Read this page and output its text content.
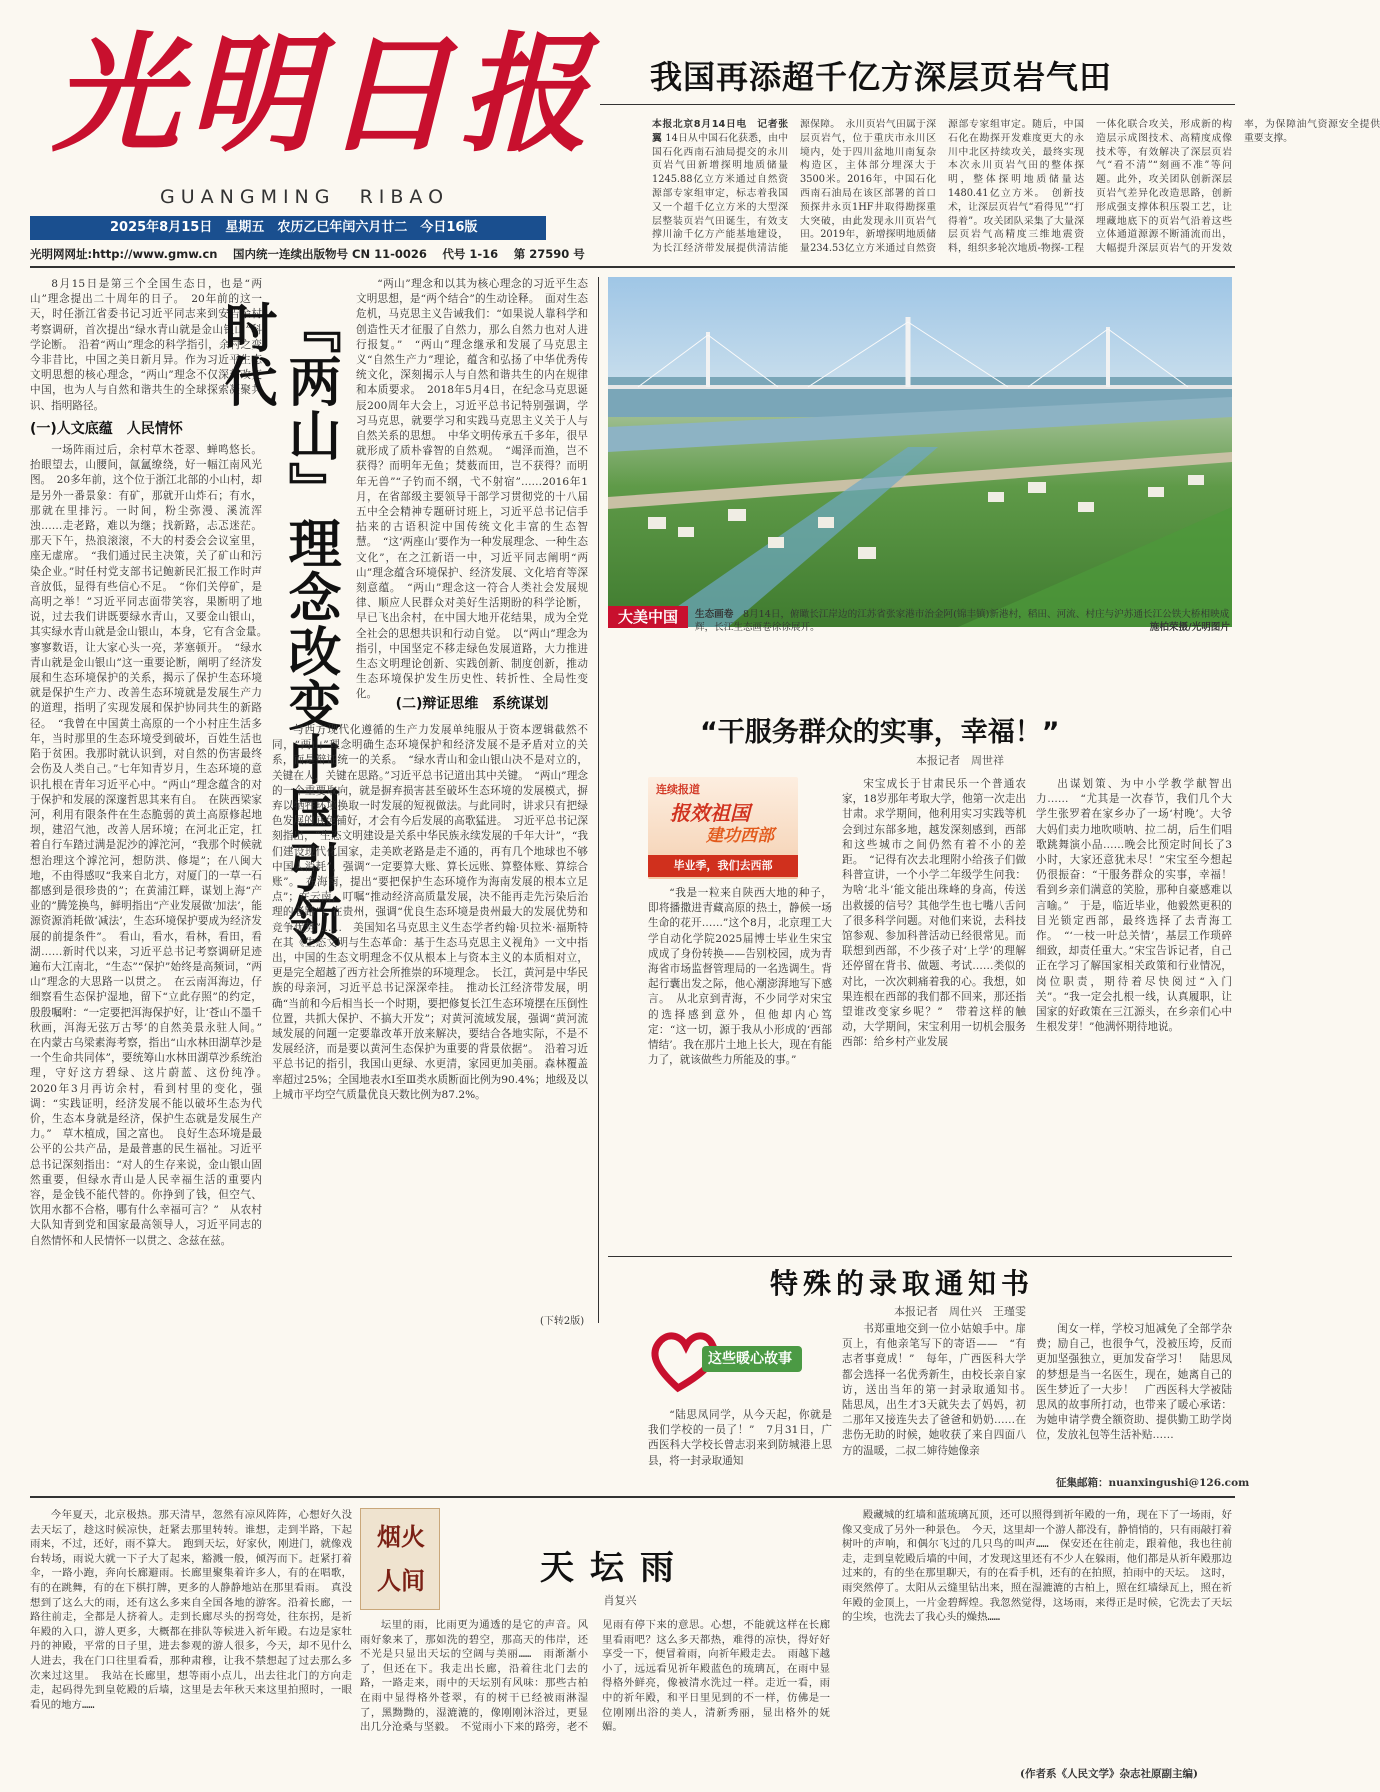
光明日报
GUANGMING  RIBAO
2025年8月15日　星期五　农历乙巳年闰六月廿二　今日16版
光明网网址:http://www.gmw.cn　 国内统一连续出版物号 CN 11-0026　 代号 1-16　 第 27590 号
我国再添超千亿方深层页岩气田
本报北京8月14日电　记者张翼 14日从中国石化获悉，由中国石化西南石油局提交的永川页岩气田新增探明地质储量1245.88亿立方米通过自然资源部专家组审定，标志着我国又一个超千亿立方米的大型深层整装页岩气田诞生，有效支撑川渝千亿方产能基地建设，为长江经济带发展提供清洁能源保障。　永川页岩气田属于深层页岩气，位于重庆市永川区境内，处于四川盆地川南复杂构造区，主体部分埋深大于3500米。2016年，中国石化西南石油局在该区部署的首口预探井永页1HF井取得勘探重大突破，由此发现永川页岩气田。2019年，新增探明地质储量234.53亿立方米通过自然资源部专家组审定。随后，中国石化在勘探开发难度更大的永川中北区持续攻关，最终实现本次永川页岩气田的整体探明，整体探明地质储量达1480.41亿立方米。　创新技术，让深层页岩气“看得见”“打得着”。攻关团队采集了大量深层页岩气高精度三维地震资料，组织多轮次地质-物探-工程一体化联合攻关，形成新的构造层示成图技术、高精度成像技术等，有效解决了深层页岩气“看不清”“刻画不准”等问题。此外，攻关团队创新深层页岩气差异化改造思路，创新形成强支撑体积压裂工艺，让埋藏地底下的页岩气沿着这些立体通道源源不断涌流而出，大幅提升深层页岩气的开发效率，为保障油气资源安全提供重要支撑。

8月15日是第三个全国生态日，也是“两山”理念提出二十周年的日子。　20年前的这一天，时任浙江省委书记习近平同志来到安吉余村考察调研，首次提出“绿水青山就是金山银山”科学论断。　沿着“两山”理念的科学指引，余村之变今非昔比，中国之美日新月异。作为习近平生态文明思想的核心理念，“两山”理念不仅深刻改变中国，也为人与自然和谐共生的全球探索凝聚共识、指明路径。

(一)人文底蕴　人民情怀

一场阵雨过后，余村草木苍翠、蝉鸣悠长。抬眼望去，山腰间，氤氲缭绕，好一幅江南风光图。　20多年前，这个位于浙江北部的小山村，却是另外一番景象：有矿，那就开山炸石；有水，那就在里排污。一时间，粉尘弥漫、溪流浑浊……走老路，难以为继；找新路，忐忑迷茫。那天下午，热浪滚滚，不大的村委会会议室里，座无虚席。　“我们通过民主决策，关了矿山和污染企业。”时任村党支部书记鲍新民汇报工作时声音放低，显得有些信心不足。　“你们关停矿，是高明之举！”习近平同志面带笑容，果断明了地说，过去我们讲既要绿水青山，又要金山银山，其实绿水青山就是金山银山，本身，它有含金量。　寥寥数语，让大家心头一亮，茅塞顿开。　“绿水青山就是金山银山”这一重要论断，阐明了经济发展和生态环境保护的关系，揭示了保护生态环境就是保护生产力、改善生态环境就是发展生产力的道理，指明了实现发展和保护协同共生的新路径。　“我曾在中国黄土高原的一个小村庄生活多年，当时那里的生态环境受到破坏，百姓生活也陷于贫困。我那时就认识到，对自然的伤害最终会伤及人类自己。”七年知青岁月，生态环境的意识扎根在青年习近平心中。“两山”理念蕴含的对于保护和发展的深邃哲思其来有自。　在陕西梁家河，利用有限条件在生态脆弱的黄土高原修起地坝，建沼气池，改善人居环境；在河北正定，扛着自行车踏过满是泥沙的滹沱河，“我那个时候就想治理这个滹沱河，想防洪、修堤”；在八闽大地，不由得感叹“我来自北方，对厦门的一草一石都感到是很珍贵的”；在黄浦江畔，谋划上海“产业的”腾笼换鸟，鲜明指出“产业发展做‘加法’，能源资源消耗做‘减法’，生态环境保护要成为经济发展的前提条件”。　看山，看水，看林，看田，看湖……新时代以来，习近平总书记考察调研足迹遍布大江南北，“生态”“保护”始终是高频词，“两山”理念的大思路一以贯之。　在云南洱海边，仔细察看生态保护湿地，留下“立此存照”的约定，殷殷嘱咐：“一定要把洱海保护好，让‘苍山不墨千秋画，洱海无弦万古琴’的自然美景永驻人间。”　在内蒙古乌梁素海考察，指出“山水林田湖草沙是一个生命共同体”，要统筹山水林田湖草沙系统治理，守好这方碧绿、这片蔚蓝、这份纯净。　2020年3月再访余村，看到村里的变化，强调：“实践证明，经济发展不能以破坏生态为代价，生态本身就是经济，保护生态就是发展生产力。”　草木植成，国之富也。　良好生态环境是最公平的公共产品，是最普惠的民生福祉。习近平总书记深刻指出：“对人的生存来说，金山银山固然重要，但绿水青山是人民幸福生活的重要内容，是金钱不能代替的。你挣到了钱，但空气、饮用水都不合格，哪有什么幸福可言？”　从农村大队知青到党和国家最高领导人，习近平同志的自然情怀和人民情怀一以贯之、念兹在兹。

『两山』理念改变中国引领时代

“两山”理念和以其为核心理念的习近平生态文明思想，是“两个结合”的生动诠释。　面对生态危机，马克思主义告诫我们：“如果说人靠科学和创造性天才征服了自然力，那么自然力也对人进行报复。”　“两山”理念继承和发展了马克思主义“自然生产力”理论，蕴含和弘扬了中华优秀传统文化，深刻揭示人与自然和谐共生的内在规律和本质要求。　2018年5月4日，在纪念马克思诞辰200周年大会上，习近平总书记特别强调，学习马克思，就要学习和实践马克思主义关于人与自然关系的思想。　中华文明传承五千多年，很早就形成了质朴睿智的自然观。　“竭泽而渔，岂不获得？而明年无鱼；焚薮而田，岂不获得？而明年无兽”“子钓而不纲，弋不射宿”……2016年1月，在省部级主要领导干部学习贯彻党的十八届五中全会精神专题研讨班上，习近平总书记信手拈来的古语积淀中国传统文化丰富的生态智慧。　“这‘两座山’要作为一种发展理念、一种生态文化”，在之江新语一中，习近平同志阐明“两山”理念蕴含环境保护、经济发展、文化培育等深刻意蕴。　“两山”理念这一符合人类社会发展规律、顺应人民群众对美好生活期盼的科学论断，早已飞出余村，在中国大地开花结果，成为全党全社会的思想共识和行动自觉。　以“两山”理念为指引，中国坚定不移走绿色发展道路，大力推进生态文明理论创新、实践创新、制度创新，推动生态环境保护发生历史性、转折性、全局性变化。

(二)辩证思维　系统谋划

与西方现代化遵循的生产力发展单纯服从于资本逻辑截然不同，“两山”理念明确生态环境保护和经济发展不是矛盾对立的关系，而是辩证统一的关系。　“绿水青山和金山银山决不是对立的，关键在人，关键在思路。”习近平总书记道出其中关键。　“两山”理念的一个重要取向，就是摒弃损害甚至破坏生态环境的发展模式，摒弃以牺牲环境换取一时发展的短视做法。与此同时，讲求只有把绿色发展的底色铺好，才会有今后发展的高歌猛进。　习近平总书记深刻指出，“生态文明建设是关系中华民族永续发展的千年大计”，“我们建设现代化国家，走美欧老路是走不通的，再有几个地球也不够中国人消耗”，强调“一定要算大账、算长远账、算整体账、算综合账”。　在海南，提出“要把保护生态环境作为海南发展的根本立足点”；在云南，叮嘱“推动经济高质量发展，决不能再走先污染后治理的老路”；在贵州，强调“优良生态环境是贵州最大的发展优势和竞争优势”……　美国知名马克思主义生态学者约翰·贝拉米·福斯特在其《生态文明与生态革命：基于生态马克思主义视角》一文中指出，中国的生态文明理念不仅从根本上与资本主义的本质相对立，更是完全超越了西方社会所推崇的环境理念。　长江，黄河是中华民族的母亲河，习近平总书记深深牵挂。　推动长江经济带发展，明确“当前和今后相当长一个时期，要把修复长江生态环境摆在压倒性位置，共抓大保护、不搞大开发”；对黄河流域发展，强调“黄河流域发展的问题一定要靠改革开放来解决，要结合各地实际，不是不发展经济，而是要以黄河生态保护为重要的背景依据”。　沿着习近平总书记的指引，我国山更绿、水更清，家园更加美丽。森林覆盖率超过25%；全国地表水Ⅰ至Ⅲ类水质断面比例为90.4%；地级及以上城市平均空气质量优良天数比例为87.2%。

(下转2版)
大美中国	生态画卷　 8月14日，俯瞰长江岸边的江苏省张家港市治金阿(锦丰镇)新港村，稻田、河流、村庄与沪苏通长江公铁大桥相映成辉，长江生态画卷徐徐展开。	施柏荣摄/光明图片
“干服务群众的实事，幸福！”
本报记者　周世祥
连续报道
报效祖国
建功西部
毕业季，我们去西部

“我是一粒来自陕西大地的种子，即将播撒进青藏高原的热土，静候一场生命的花开……”这个8月，北京理工大学自动化学院2025届博士毕业生宋宝成成了身份转换——告别校园，成为青海省市场监督管理局的一名选调生。背起行囊出发之际，他心潮澎湃地写下感言。　从北京到青海，不少同学对宋宝的选择感到意外，但他却内心笃定：“这一切，源于我从小形成的‘西部情结’。我在那片土地上长大，现在有能力了，就该做些力所能及的事。”

宋宝成长于甘肃民乐一个普通农家，18岁那年考取大学，他第一次走出甘肃。求学期间，他利用实习实践等机会到过东部多地，越发深刻感到，西部和这些城市之间仍然有着不小的差距。　“记得有次去北理附小给孩子们做科普宣讲，一个小学二年级学生问我：为啥‘北斗’能文能出珠峰的身高，传送出救援的信号？其他学生也七嘴八舌问了很多科学问题。对他们来说，去科技馆参观、参加科普活动已经很常见。而联想到西部，不少孩子对‘上学’的理解还停留在背书、做题、考试……类似的对比，一次次刺痛着我的心。我想，如果连根在西部的我们都不回来，那还指望谁改变家乡呢？”　带着这样的触动，大学期间，宋宝利用一切机会服务西部：给乡村产业发展

出谋划策、为中小学教学献智出力……　“尤其是一次春节，我们几个大学生张罗着在家乡办了一场‘村晚’。大爷大妈们卖力地吹唢呐、拉二胡，后生们唱歌跳舞演小品……晚会比预定时间长了3小时，大家还意犹未尽！”宋宝至今想起仍很振奋：“干服务群众的实事，幸福！看到乡亲们满意的笑脸，那种自豪感难以言喻。”　于是，临近毕业，他毅然更积的目光锁定西部，最终选择了去青海工作。　“‘一枝一叶总关情’，基层工作琐碎细致，却责任重大。”宋宝告诉记者，自己正在学习了解国家相关政策和行业情况，岗位职责，期待着尽快阅过“入门关”。“我一定会扎根一线，认真履职，让国家的好政策在三江源头，在乡亲们心中生根发芽！”他满怀期待地说。

特殊的录取通知书
本报记者　周仕兴　王瑾雯
这些暖心故事

“陆思凤同学，从今天起，你就是我们学校的一员了！”　7月31日，广西医科大学校长曾志羽来到防城港上思县，将一封录取通知

书郑重地交到一位小姑娘手中。扉页上，有他亲笔写下的寄语——　“有志者事竟成！”　每年，广西医科大学都会选择一名优秀新生，由校长亲自家访，送出当年的第一封录取通知书。　陆思凤，出生才3天就失去了妈妈，初二那年又接连失去了爸爸和奶奶……在悲伤无助的时候，她收获了来自四面八方的温暖，二叔二婶待她像亲

闺女一样，学校习旭减免了全部学杂费；励自己，也很争气，没被压垮，反而更加坚强独立，更加发奋学习！　陆思凤的梦想是当一名医生，现在，她离自己的医生梦近了一大步！　广西医科大学被陆思凤的故事所打动，也带来了暖心承诺：为她申请学费全额资助、提供勤工助学岗位，发放礼包等生活补贴……

征集邮箱：nuanxingushi@126.com

今年夏天，北京极热。那天清早，忽然有凉风阵阵，心想好久没去天坛了，趁这时候凉快，赶紧去那里转转。谁想，走到半路，下起雨来，不过，还好，雨不算大。　跑到天坛，好家伙，刚进门，就像戏台转场，雨说大就一下子大了起来，豁溅一般，倾泻而下。赶紧打着伞，一路小跑，奔向长廊避雨。长廊里聚集着许多人，有的在唱歌，有的在跳舞，有的在下棋打牌，更多的人静静地站在那里看雨。　真没想到了这么大的雨，还有这么多来自全国各地的游客。沿着长廊，一路往前走，全都是人挤着人。走到长廊尽头的拐弯处，往东拐，是祈年殿的入口，游人更多，大概都在排队等候进入祈年殿。右边是家牡丹的神殿，平常的日子里，进去参观的游人很多，今天，却不见什么人进去，我在门口往里看看，那种肃穆，让我不禁想起了过去那么多次来过这里。　我站在长廊里，想等雨小点儿，出去往北门的方向走走，起码得先到皇乾殿的后墙，这里是去年秋天来这里拍照时，一眼看见的地方……

烟火人间	天坛雨
肖复兴

坛里的雨，比雨更为通透的是它的声音。风雨好象来了，那如洗的碧空，那高天的伟岸，还不光是只显出天坛的空阔与美丽……　雨渐渐小了，但还在下。我走出长廊，沿着往北门去的路，一路走来，雨中的天坛别有风味：那些古柏在雨中显得格外苍翠，有的树干已经被雨淋湿了，黑黝黝的，湿漉漉的，像刚刚沐浴过，更显出几分沧桑与坚毅。　不觉雨小下来的路旁，老不见雨有停下来的意思。心想，不能就这样在长廊里看雨吧？这么多天都热，难得的凉快，得好好享受一下，便冒着雨，向祈年殿走去。　雨越下越小了，远远看见祈年殿蓝色的琉璃瓦，在雨中显得格外鲜亮，像被清水洗过一样。走近一看，雨中的祈年殿，和平日里见到的不一样，仿佛是一位刚刚出浴的美人，清新秀丽，显出格外的妩媚。

殿藏城的红墙和蓝琉璃瓦顶，还可以照得到祈年殿的一角，现在下了一场雨，好像又变成了另外一种景色。　今天，这里却一个游人都没有，静悄悄的，只有雨敲打着树叶的声响，和偶尔飞过的几只鸟的叫声……　保安还在往前走，跟着他，我也往前走，走到皇乾殿后墙的中间，才发现这里还有不少人在躲雨，他们都是从祈年殿那边过来的，有的坐在那里聊天，有的在看手机，还有的在拍照，拍雨中的天坛。　这时，雨突然停了。太阳从云缝里钻出来，照在湿漉漉的古柏上，照在红墙绿瓦上，照在祈年殿的金顶上，一片金碧辉煌。我忽然觉得，这场雨，来得正是时候，它洗去了天坛的尘埃，也洗去了我心头的燥热……

(作者系《人民文学》杂志社原副主编)
